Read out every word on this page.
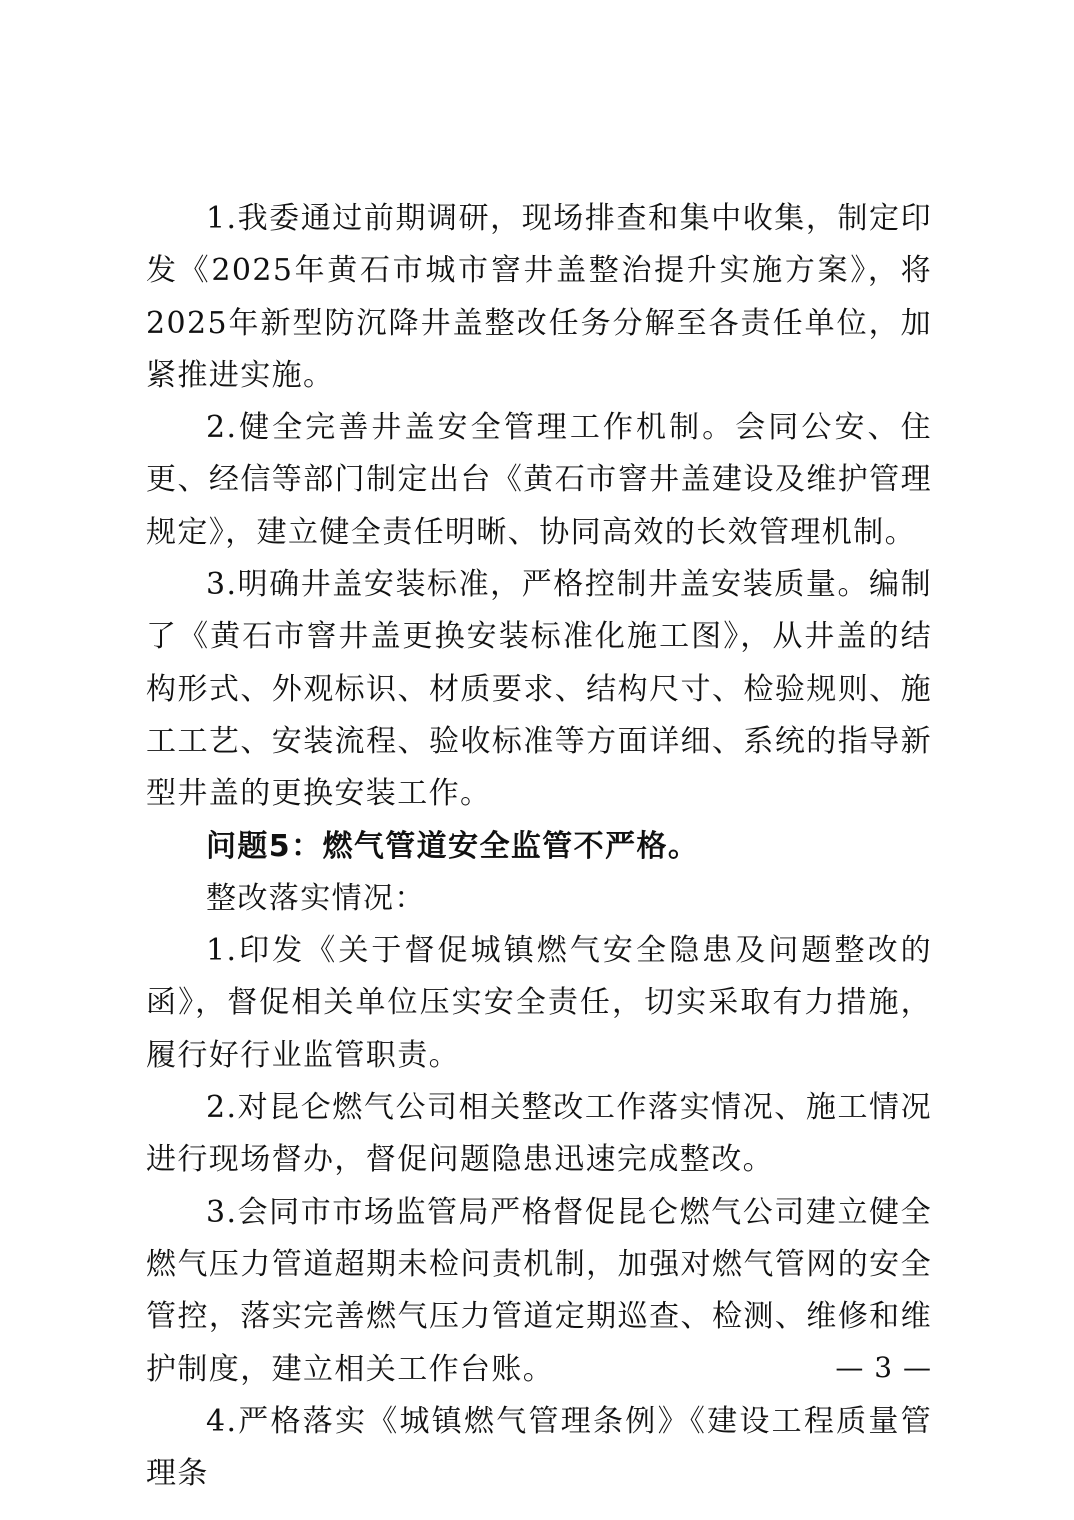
1.我委通过前期调研，现场排查和集中收集，制定印发《2025年黄石市城市窨井盖整治提升实施方案》，将2025年新型防沉降井盖整改任务分解至各责任单位，加紧推进实施。

2.健全完善井盖安全管理工作机制。会同公安、住更、经信等部门制定出台《黄石市窨井盖建设及维护管理规定》，建立健全责任明晰、协同高效的长效管理机制。

3.明确井盖安装标准，严格控制井盖安装质量。编制了《黄石市窨井盖更换安装标准化施工图》，从井盖的结构形式、外观标识、材质要求、结构尺寸、检验规则、施工工艺、安装流程、验收标准等方面详细、系统的指导新型井盖的更换安装工作。

问题5：燃气管道安全监管不严格。

整改落实情况：

1.印发《关于督促城镇燃气安全隐患及问题整改的函》，督促相关单位压实安全责任，切实采取有力措施，履行好行业监管职责。

2.对昆仑燃气公司相关整改工作落实情况、施工情况进行现场督办，督促问题隐患迅速完成整改。

3.会同市市场监管局严格督促昆仑燃气公司建立健全燃气压力管道超期未检问责机制，加强对燃气管网的安全管控，落实完善燃气压力管道定期巡查、检测、维修和维护制度，建立相关工作台账。

4.严格落实《城镇燃气管理条例》《建设工程质量管理条

— 3 —
